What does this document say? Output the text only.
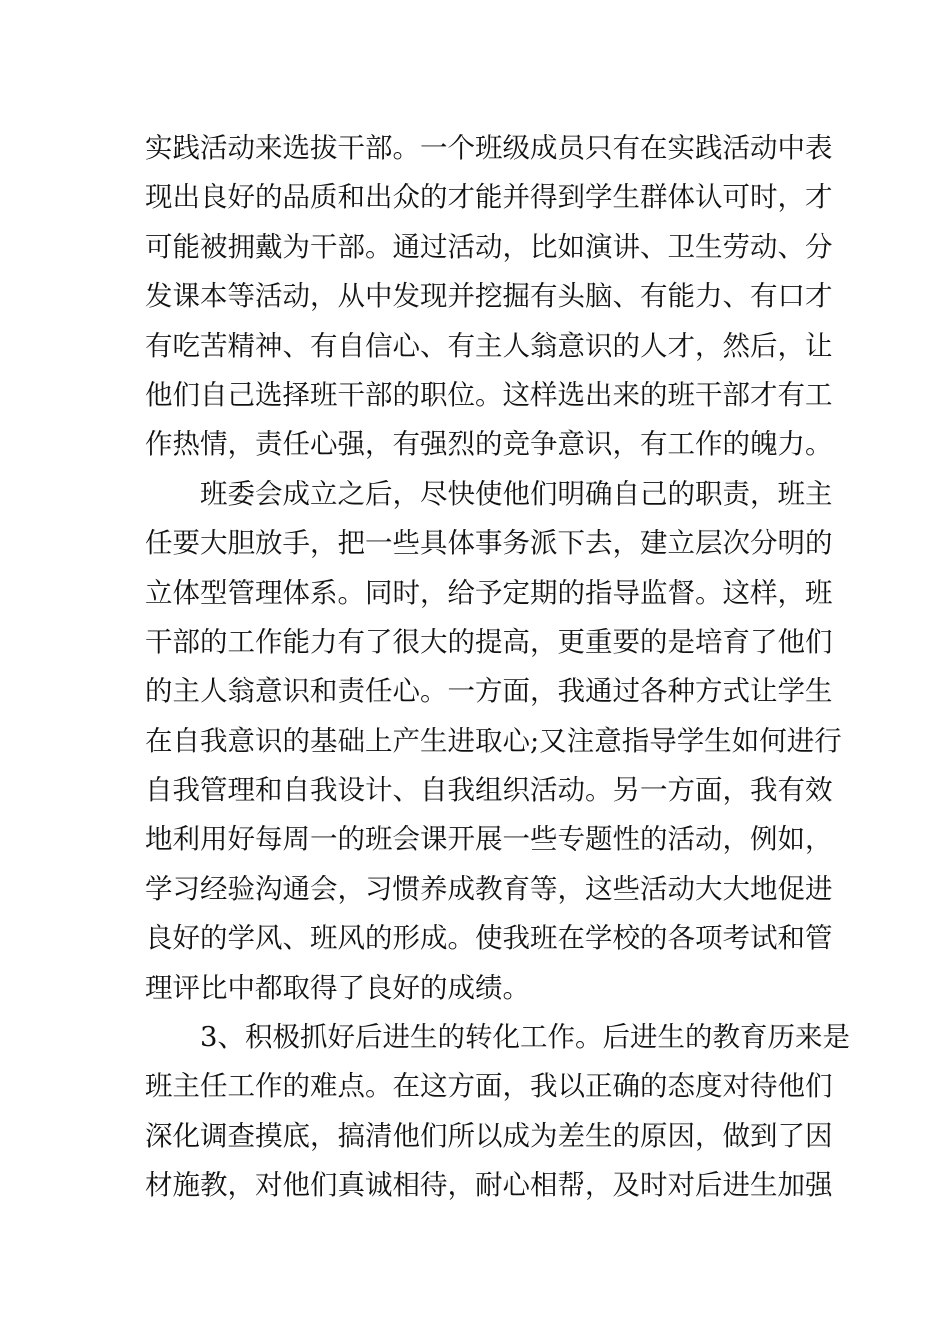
实践活动来选拔干部。一个班级成员只有在实践活动中表
现出良好的品质和出众的才能并得到学生群体认可时，才
可能被拥戴为干部。通过活动，比如演讲、卫生劳动、分
发课本等活动，从中发现并挖掘有头脑、有能力、有口才
有吃苦精神、有自信心、有主人翁意识的人才，然后，让
他们自己选择班干部的职位。这样选出来的班干部才有工
作热情，责任心强，有强烈的竞争意识，有工作的魄力。
班委会成立之后，尽快使他们明确自己的职责，班主
任要大胆放手，把一些具体事务派下去，建立层次分明的
立体型管理体系。同时，给予定期的指导监督。这样，班
干部的工作能力有了很大的提高，更重要的是培育了他们
的主人翁意识和责任心。一方面，我通过各种方式让学生
在自我意识的基础上产生进取心;又注意指导学生如何进行
自我管理和自我设计、自我组织活动。另一方面，我有效
地利用好每周一的班会课开展一些专题性的活动，例如，
学习经验沟通会，习惯养成教育等，这些活动大大地促进
良好的学风、班风的形成。使我班在学校的各项考试和管
理评比中都取得了良好的成绩。
3、积极抓好后进生的转化工作。后进生的教育历来是
班主任工作的难点。在这方面，我以正确的态度对待他们
深化调查摸底，搞清他们所以成为差生的原因，做到了因
材施教，对他们真诚相待，耐心相帮，及时对后进生加强
